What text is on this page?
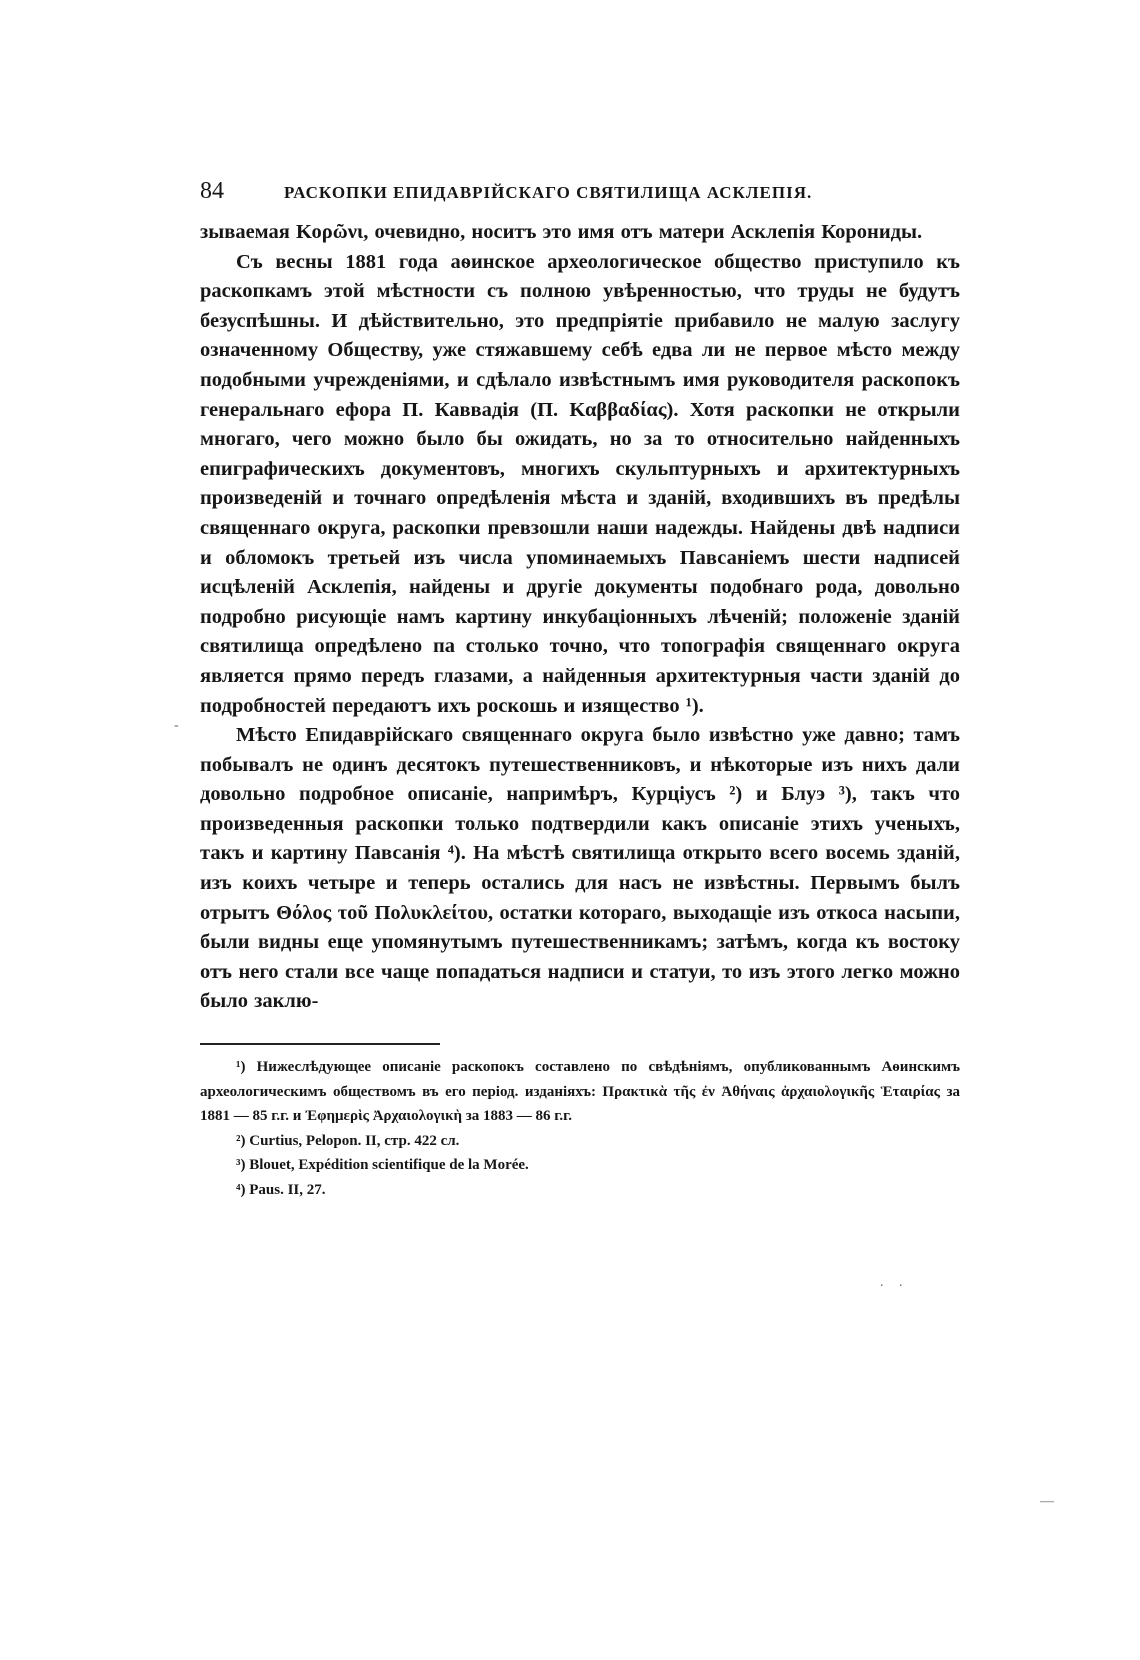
84	РАСКОПКИ ЕПИДАВРІЙСКАГО СВЯТИЛИЩА АСКЛЕПІЯ.

зываемая Κορῶνι, очевидно, носитъ это имя отъ матери Асклепія Корониды.

Съ весны 1881 года аѳинское археологическое общество приступило къ раскопкамъ этой мѣстности съ полною увѣренностью, что труды не будутъ безуспѣшны. И дѣйствительно, это предпріятіе прибавило не малую заслугу означенному Обществу, уже стяжавшему себѣ едва ли не первое мѣсто между подобными учрежденіями, и сдѣлало извѣстнымъ имя руководителя раскопокъ генеральнаго ефора П. Каввадія (Π. Καββαδίας). Хотя раскопки не открыли многаго, чего можно было бы ожидать, но за то относительно найденныхъ епиграфическихъ документовъ, многихъ скульптурныхъ и архитектурныхъ произведеній и точнаго опредѣленія мѣста и зданій, входившихъ въ предѣлы священнаго округа, раскопки превзошли наши надежды. Найдены двѣ надписи и обломокъ третьей изъ числа упоминаемыхъ Павсаніемъ шести надписей исцѣленій Асклепія, найдены и другіе документы подобнаго рода, довольно подробно рисующіе намъ картину инкубаціонныхъ лѣченій; положеніе зданій святилища опредѣлено па столько точно, что топографія священнаго округа является прямо передъ глазами, а найденныя архитектурныя части зданій до подробностей передаютъ ихъ роскошь и изящество ¹).

Мѣсто Епидаврійскаго священнаго округа было извѣстно уже давно; тамъ побывалъ не одинъ десятокъ путешественниковъ, и нѣкоторые изъ нихъ дали довольно подробное описаніе, напримѣръ, Курціусъ ²) и Блуэ ³), такъ что произведенныя раскопки только подтвердили какъ описаніе этихъ ученыхъ, такъ и картину Павсанія ⁴). На мѣстѣ святилища открыто всего восемь зданій, изъ коихъ четыре и теперь остались для насъ не извѣстны. Первымъ былъ отрытъ Θόλος τοῦ Πολυκλείτου, остатки котораго, выходащіе изъ откоса насыпи, были видны еще упомянутымъ путешественникамъ; затѣмъ, когда къ востоку отъ него стали все чаще попадаться надписи и статуи, то изъ этого легко можно было заклю-

¹) Нижеслѣдующее описаніе раскопокъ составлено по свѣдѣніямъ, опубликованнымъ Аѳинскимъ археологическимъ обществомъ въ его період. изданіяхъ: Πρακτικὰ τῆς ἐν Ἀθήναις ἀρχαιολογικῆς Ἑταιρίας за 1881 — 85 г.г. и Ἐφημερὶς Ἀρχαιολογικὴ за 1883 — 86 г.г.

²) Curtius, Pelopon. II, стр. 422 сл.

³) Blouet, Expédition scientifique de la Morée.

⁴) Paus. II, 27.

-
. .
—
